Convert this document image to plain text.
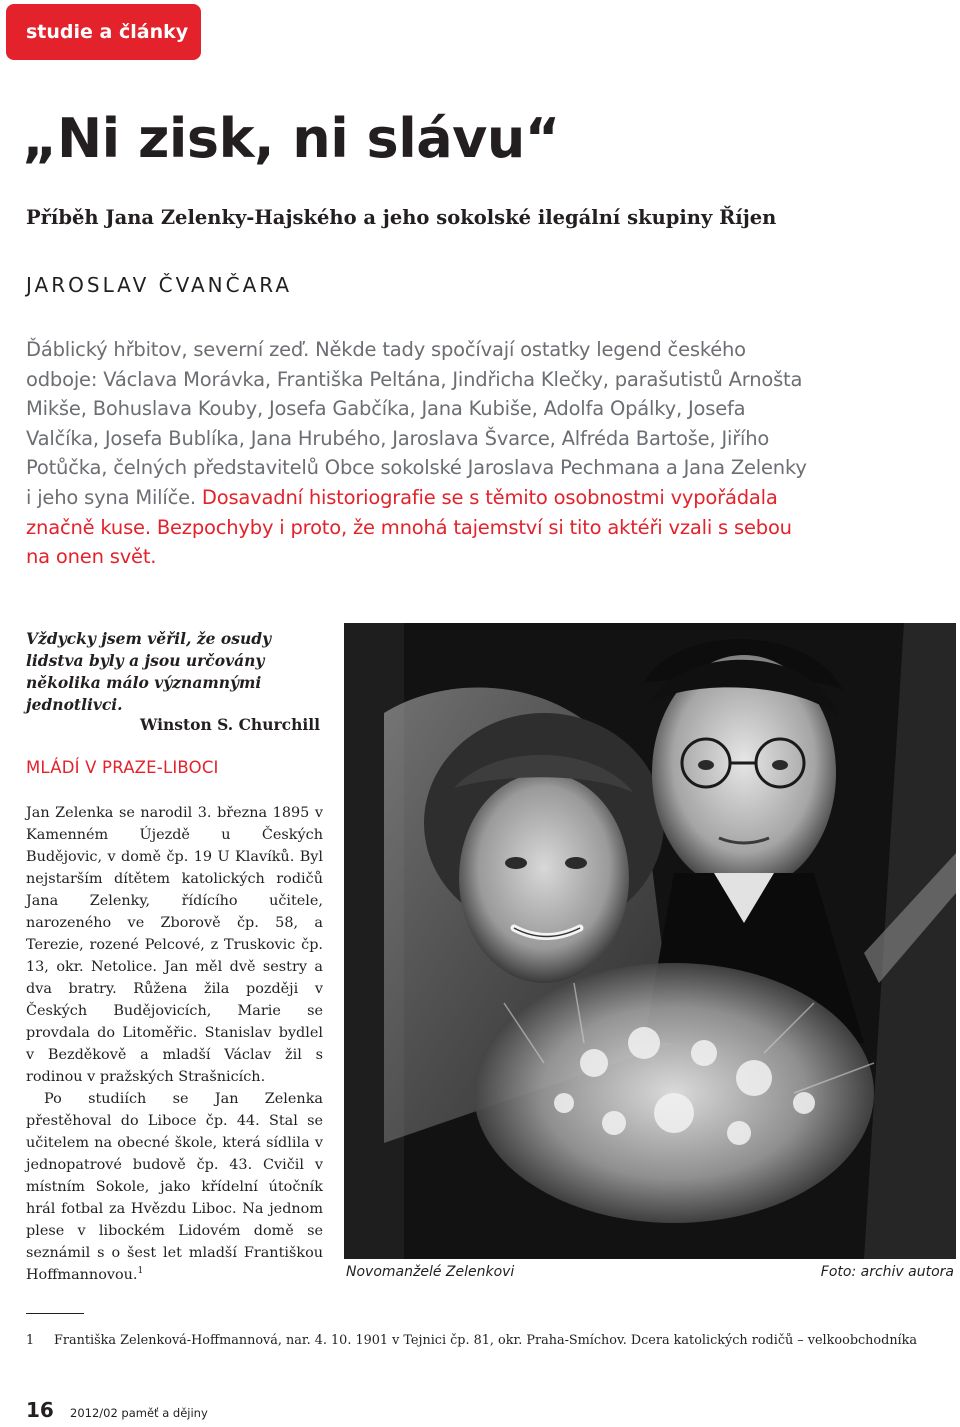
studie a články
„Ni zisk, ni slávu“
Příběh Jana Zelenky-Hajského a jeho sokolské ilegální skupiny Říjen
JAROSLAV ČVANČARA

Ďáblický hřbitov, severní zeď. Někde tady spočívají ostatky legend českého odboje: Václava Morávka, Františka Peltána, Jindřicha Klečky, parašutistů Arnošta Mikše, Bohuslava Kouby, Josefa Gabčíka, Jana Kubiše, Adolfa Opálky, Josefa Valčíka, Josefa Bublíka, Jana Hrubého, Jaroslava Švarce, Alfréda Bartoše, Jiřího Potůčka, čelných představitelů Obce sokolské Jaroslava Pechmana a Jana Zelenky i jeho syna Milíče. Dosavadní historiografie se s těmito osobnostmi vypořádala značně kuse. Bezpochyby i proto, že mnohá tajemství si tito aktéři vzali s sebou na onen svět.

Vždycky jsem věřil, že osudy lidstva byly a jsou určovány několika málo významnými jednotlivci.

Winston S. Churchill
MLÁDÍ V PRAZE-LIBOCI

Jan Zelenka se narodil 3. března 1895 v Kamenném Újezdě u Českých Budějovic, v domě čp. 19 U Klavíků. Byl nejstarším dítětem katolických rodičů Jana Zelenky, řídícího učitele, narozeného ve Zborově čp. 58, a Terezie, rozené Pelcové, z Truskovic čp. 13, okr. Netolice. Jan měl dvě sestry a dva bratry. Růžena žila později v Českých Budějovicích, Marie se provdala do Litoměřic. Stanislav bydlel v Bezděkově a mladší Václav žil s rodinou v pražských Strašnicích.

Po studiích se Jan Zelenka přestěhoval do Liboce čp. 44. Stal se učitelem na obecné škole, která sídlila v jednopatrové budově čp. 43. Cvičil v místním Sokole, jako křídelní útočník hrál fotbal za Hvězdu Liboc. Na jednom plese v libockém Lidovém domě se seznámil s o šest let mladší Františkou Hoffmannovou.$^1$	Novomanželé Zelenkovi	Foto: archiv autora
1 Františka Zelenková-Hoffmannová, nar. 4. 10. 1901 v Tejnici čp. 81, okr. Praha-Smíchov. Dcera katolických rodičů – velkoobchodníka
16 2012/02 paměť a dějiny
